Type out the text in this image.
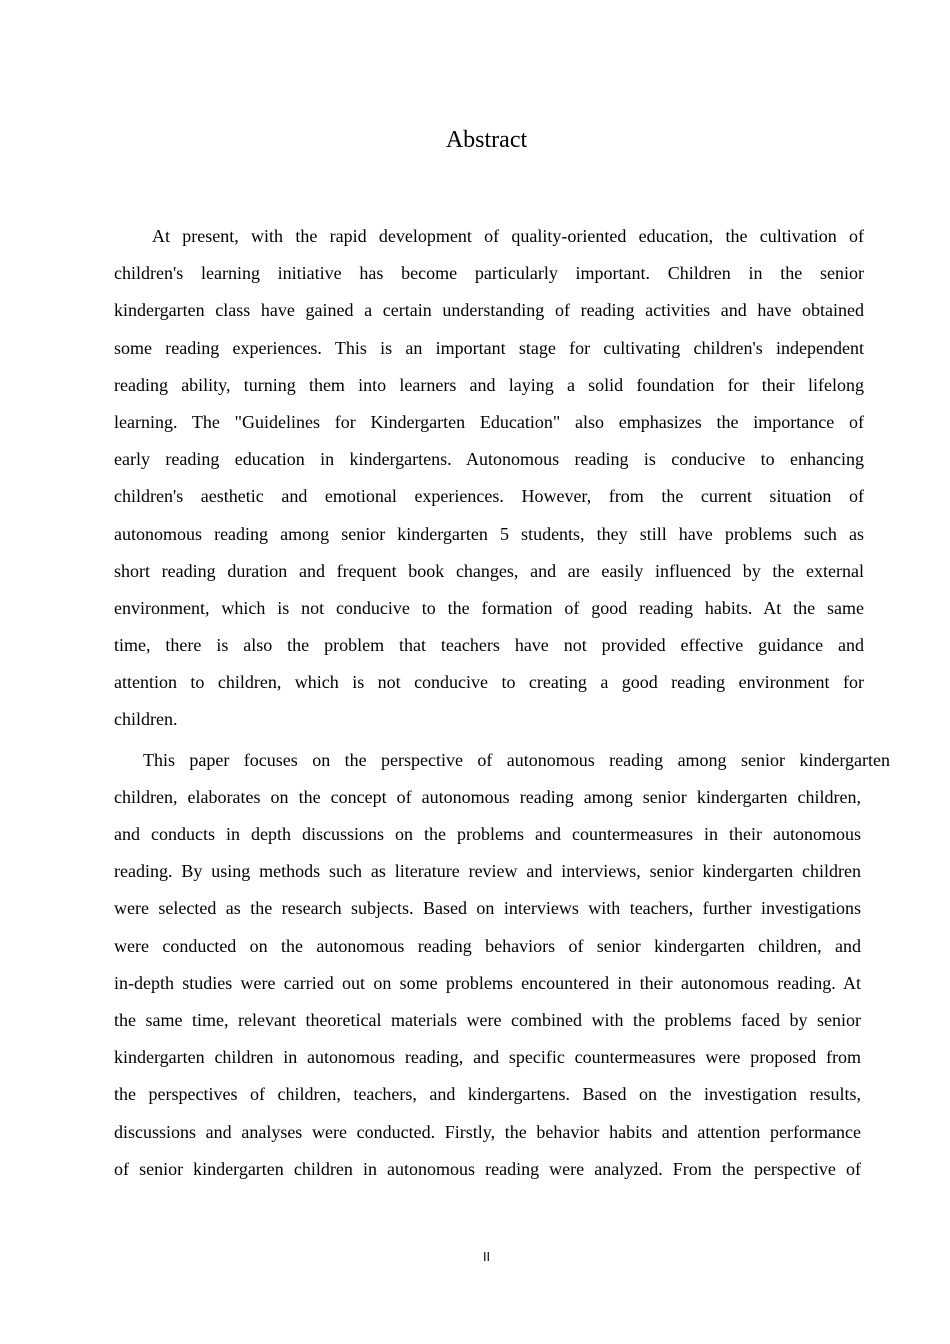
Abstract

At present, with the rapid development of quality-oriented education, the cultivation of
children's learning initiative has become particularly important. Children in the senior
kindergarten class have gained a certain understanding of reading activities and have obtained
some reading experiences. This is an important stage for cultivating children's independent
reading ability, turning them into learners and laying a solid foundation for their lifelong
learning. The "Guidelines for Kindergarten Education" also emphasizes the importance of
early reading education in kindergartens. Autonomous reading is conducive to enhancing
children's aesthetic and emotional experiences. However, from the current situation of
autonomous reading among senior kindergarten 5 students, they still have problems such as
short reading duration and frequent book changes, and are easily influenced by the external
environment, which is not conducive to the formation of good reading habits. At the same
time, there is also the problem that teachers have not provided effective guidance and
attention to children, which is not conducive to creating a good reading environment for
children.

This paper focuses on the perspective of autonomous reading among senior kindergarten
children, elaborates on the concept of autonomous reading among senior kindergarten children,
and conducts in depth discussions on the problems and countermeasures in their autonomous
reading. By using methods such as literature review and interviews, senior kindergarten children
were selected as the research subjects. Based on interviews with teachers, further investigations
were conducted on the autonomous reading behaviors of senior kindergarten children, and
in-depth studies were carried out on some problems encountered in their autonomous reading. At
the same time, relevant theoretical materials were combined with the problems faced by senior
kindergarten children in autonomous reading, and specific countermeasures were proposed from
the perspectives of children, teachers, and kindergartens. Based on the investigation results,
discussions and analyses were conducted. Firstly, the behavior habits and attention performance
of senior kindergarten children in autonomous reading were analyzed. From the perspective of

II
